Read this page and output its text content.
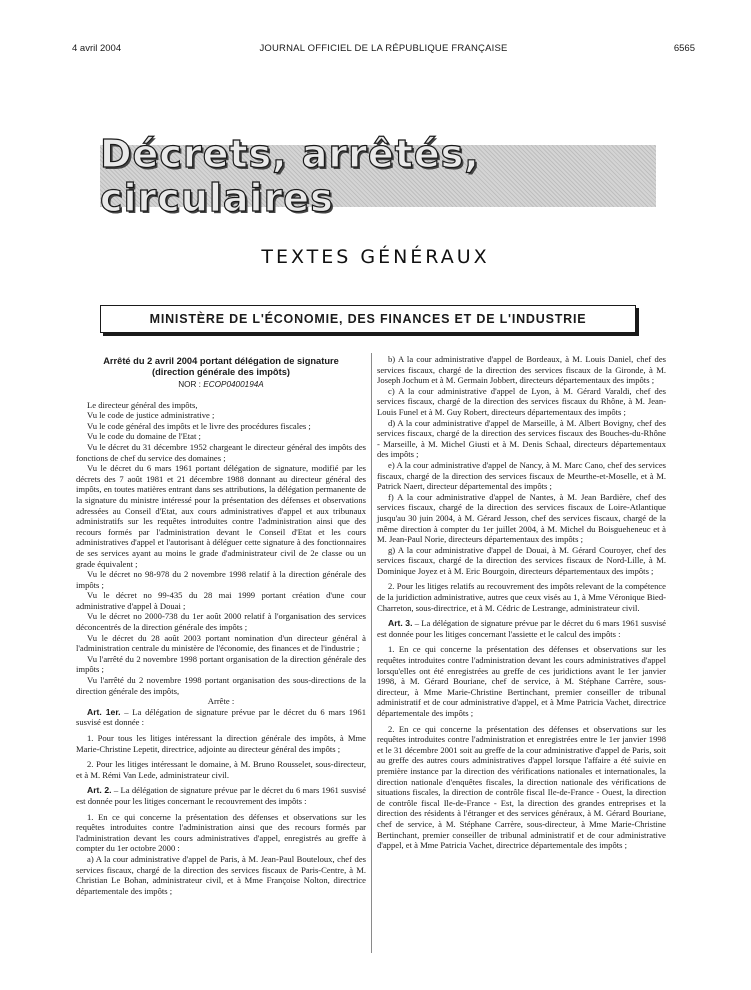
4 avril 2004	JOURNAL OFFICIEL DE LA RÉPUBLIQUE FRANÇAISE	6565
Décrets, arrêtés, circulaires
TEXTES GÉNÉRAUX
MINISTÈRE DE L'ÉCONOMIE, DES FINANCES ET DE L'INDUSTRIE

Arrêté du 2 avril 2004 portant délégation de signature

(direction générale des impôts)

NOR : ECOP0400194A

Le directeur général des impôts,

Vu le code de justice administrative ;

Vu le code général des impôts et le livre des procédures fiscales ;

Vu le code du domaine de l'Etat ;

Vu le décret du 31 décembre 1952 chargeant le directeur général des impôts des fonctions de chef du service des domaines ;

Vu le décret du 6 mars 1961 portant délégation de signature, modifié par les décrets des 7 août 1981 et 21 décembre 1988 donnant au directeur général des impôts, en toutes matières entrant dans ses attributions, la délégation permanente de la signature du ministre intéressé pour la présentation des défenses et observations adressées au Conseil d'Etat, aux cours administratives d'appel et aux tribunaux administratifs sur les requêtes introduites contre l'administration ainsi que des recours formés par l'administration devant le Conseil d'Etat et les cours administratives d'appel et l'autorisant à déléguer cette signature à des fonctionnaires de ses services ayant au moins le grade d'administrateur civil de 2e classe ou un grade équivalent ;

Vu le décret no 98-978 du 2 novembre 1998 relatif à la direction générale des impôts ;

Vu le décret no 99-435 du 28 mai 1999 portant création d'une cour administrative d'appel à Douai ;

Vu le décret no 2000-738 du 1er août 2000 relatif à l'organisation des services déconcentrés de la direction générale des impôts ;

Vu le décret du 28 août 2003 portant nomination d'un directeur général à l'administration centrale du ministère de l'économie, des finances et de l'industrie ;

Vu l'arrêté du 2 novembre 1998 portant organisation de la direction générale des impôts ;

Vu l'arrêté du 2 novembre 1998 portant organisation des sous-directions de la direction générale des impôts,

Arrête :

Art. 1er. – La délégation de signature prévue par le décret du 6 mars 1961 susvisé est donnée :

1. Pour tous les litiges intéressant la direction générale des impôts, à Mme Marie-Christine Lepetit, directrice, adjointe au directeur général des impôts ;

2. Pour les litiges intéressant le domaine, à M. Bruno Rousselet, sous-directeur, et à M. Rémi Van Lede, administrateur civil.

Art. 2. – La délégation de signature prévue par le décret du 6 mars 1961 susvisé est donnée pour les litiges concernant le recouvrement des impôts :

1. En ce qui concerne la présentation des défenses et observations sur les requêtes introduites contre l'administration ainsi que des recours formés par l'administration devant les cours administratives d'appel, enregistrés au greffe à compter du 1er octobre 2000 :

a) A la cour administrative d'appel de Paris, à M. Jean-Paul Bouteloux, chef des services fiscaux, chargé de la direction des services fiscaux de Paris-Centre, à M. Christian Le Bohan, administrateur civil, et à Mme Françoise Nolton, directrice départementale des impôts ;

b) A la cour administrative d'appel de Bordeaux, à M. Louis Daniel, chef des services fiscaux, chargé de la direction des services fiscaux de la Gironde, à M. Joseph Jochum et à M. Germain Jobbert, directeurs départementaux des impôts ;

c) A la cour administrative d'appel de Lyon, à M. Gérard Varaldi, chef des services fiscaux, chargé de la direction des services fiscaux du Rhône, à M. Jean-Louis Funel et à M. Guy Robert, directeurs départementaux des impôts ;

d) A la cour administrative d'appel de Marseille, à M. Albert Bovigny, chef des services fiscaux, chargé de la direction des services fiscaux des Bouches-du-Rhône - Marseille, à M. Michel Giusti et à M. Denis Schaal, directeurs départementaux des impôts ;

e) A la cour administrative d'appel de Nancy, à M. Marc Cano, chef des services fiscaux, chargé de la direction des services fiscaux de Meurthe-et-Moselle, et à M. Patrick Naert, directeur départemental des impôts ;

f) A la cour administrative d'appel de Nantes, à M. Jean Bardière, chef des services fiscaux, chargé de la direction des services fiscaux de Loire-Atlantique jusqu'au 30 juin 2004, à M. Gérard Jesson, chef des services fiscaux, chargé de la même direction à compter du 1er juillet 2004, à M. Michel du Boisgueheneuc et à M. Jean-Paul Norie, directeurs départementaux des impôts ;

g) A la cour administrative d'appel de Douai, à M. Gérard Couroyer, chef des services fiscaux, chargé de la direction des services fiscaux de Nord-Lille, à M. Dominique Joyez et à M. Eric Bourgoin, directeurs départementaux des impôts ;

2. Pour les litiges relatifs au recouvrement des impôts relevant de la compétence de la juridiction administrative, autres que ceux visés au 1, à Mme Véronique Bied-Charreton, sous-directrice, et à M. Cédric de Lestrange, administrateur civil.

Art. 3. – La délégation de signature prévue par le décret du 6 mars 1961 susvisé est donnée pour les litiges concernant l'assiette et le calcul des impôts :

1. En ce qui concerne la présentation des défenses et observations sur les requêtes introduites contre l'administration devant les cours administratives d'appel lorsqu'elles ont été enregistrées au greffe de ces juridictions avant le 1er janvier 1998, à M. Gérard Bouriane, chef de service, à M. Stéphane Carrère, sous-directeur, à Mme Marie-Christine Bertinchant, premier conseiller de tribunal administratif et de cour administrative d'appel, et à Mme Patricia Vachet, directrice départementale des impôts ;

2. En ce qui concerne la présentation des défenses et observations sur les requêtes introduites contre l'administration et enregistrées entre le 1er janvier 1998 et le 31 décembre 2001 soit au greffe de la cour administrative d'appel de Paris, soit au greffe des autres cours administratives d'appel lorsque l'affaire a été suivie en première instance par la direction des vérifications nationales et internationales, la direction nationale d'enquêtes fiscales, la direction nationale des vérifications de situations fiscales, la direction de contrôle fiscal Ile-de-France - Ouest, la direction de contrôle fiscal Ile-de-France - Est, la direction des grandes entreprises et la direction des résidents à l'étranger et des services généraux, à M. Gérard Bouriane, chef de service, à M. Stéphane Carrère, sous-directeur, à Mme Marie-Christine Bertinchant, premier conseiller de tribunal administratif et de cour administrative d'appel, et à Mme Patricia Vachet, directrice départementale des impôts ;
